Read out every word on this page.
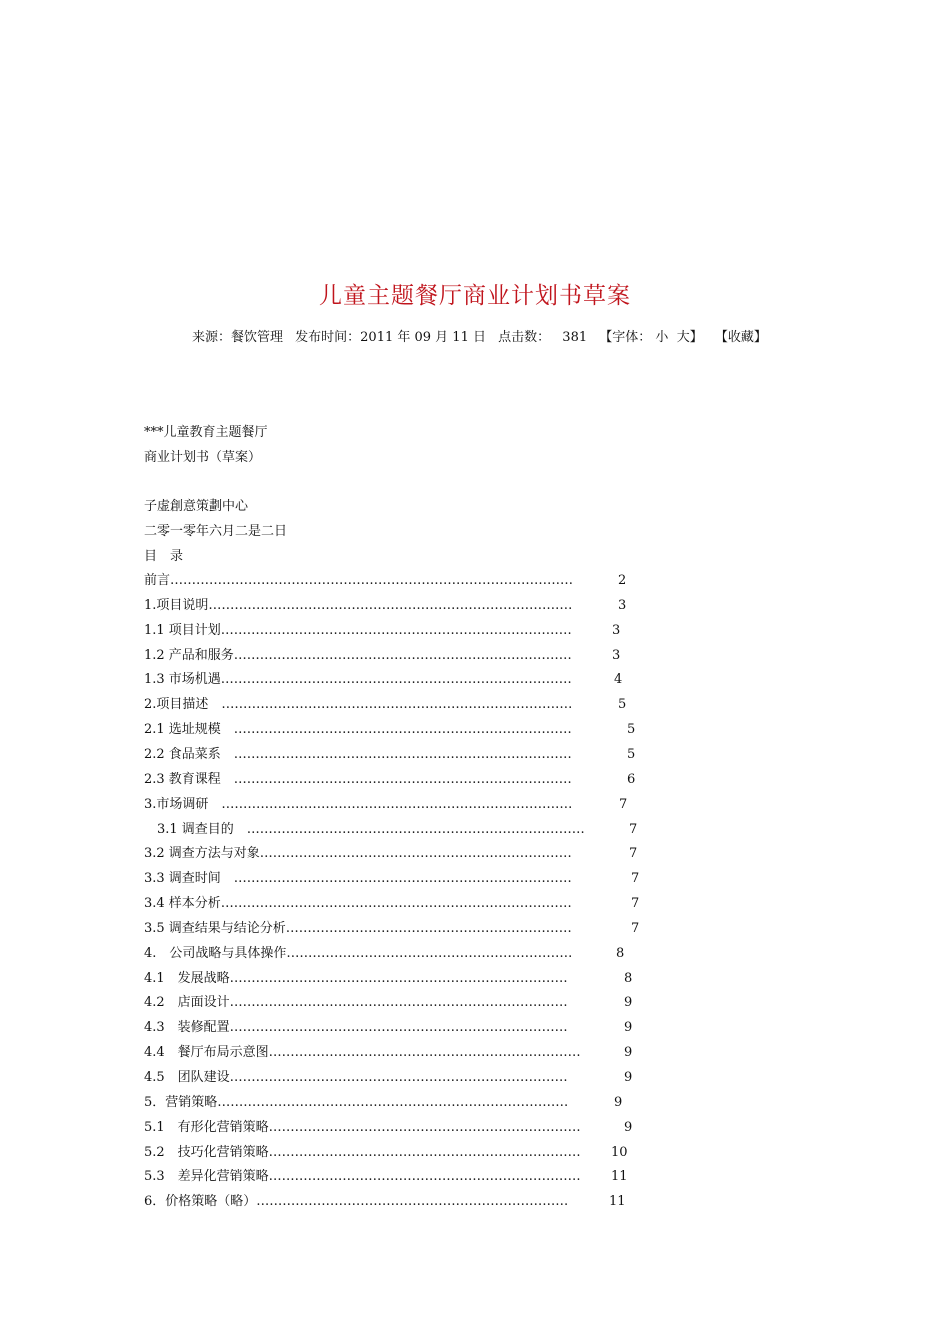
儿童主题餐厅商业计划书草案
来源：餐饮管理 发布时间：2011 年 09 月 11 日 点击数： 381 【字体： 小 大】 【收藏】
***儿童教育主题餐厅
商业计划书（草案）
子虚創意策劃中心
二零一零年六月二是二日
目　录
前言…………………………………………………………………………………	2
1.项目说明…………………………………………………………………………	3
1.1 项目计划………………………………………………………………………	3
1.2 产品和服务……………………………………………………………………	3
1.3 市场机遇………………………………………………………………………	4
2.项目描述　………………………………………………………………………	5
2.1 选址规模　……………………………………………………………………	5
2.2 食品菜系　……………………………………………………………………	5
2.3 教育课程　……………………………………………………………………	6
3.市场调研　………………………………………………………………………	7
　3.1 调查目的　……………………………………………………………………	7
3.2 调查方法与对象………………………………………………………………	7
3.3 调查时间　……………………………………………………………………	7
3.4 样本分析………………………………………………………………………	7
3.5 调查结果与结论分析…………………………………………………………	7
4.　公司战略与具体操作…………………………………………………………	8
4.1　发展战略……………………………………………………………………	8
4.2　店面设计……………………………………………………………………	9
4.3　装修配置……………………………………………………………………	9
4.4　餐厅布局示意图………………………………………………………………	9
4.5　团队建设……………………………………………………………………	9
5．营销策略………………………………………………………………………	9
5.1　有形化营销策略………………………………………………………………	9
5.2　技巧化营销策略………………………………………………………………	10
5.3　差异化营销策略………………………………………………………………	11
6．价格策略（略）………………………………………………………………	11
